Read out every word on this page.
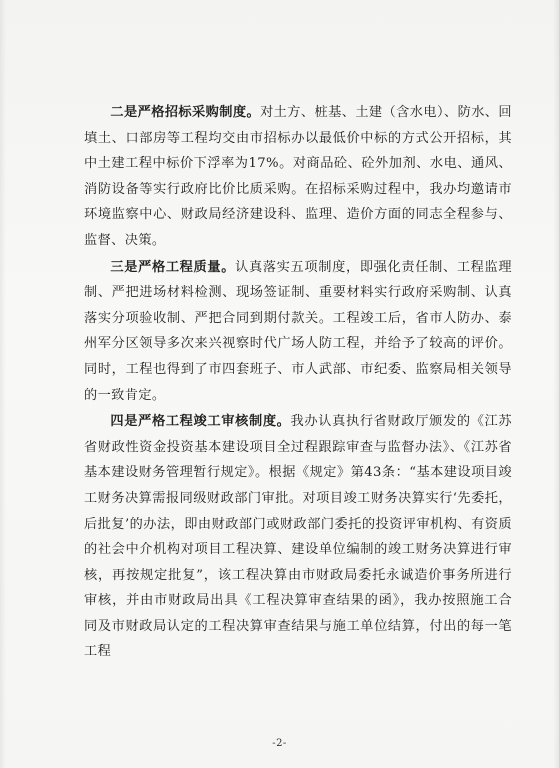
二是严格招标采购制度。对土方、桩基、土建（含水电）、防水、回填土、口部房等工程均交由市招标办以最低价中标的方式公开招标，其中土建工程中标价下浮率为17%。对商品砼、砼外加剂、水电、通风、消防设备等实行政府比价比质采购。在招标采购过程中，我办均邀请市环境监察中心、财政局经济建设科、监理、造价方面的同志全程参与、监督、决策。

三是严格工程质量。认真落实五项制度，即强化责任制、工程监理制、严把进场材料检测、现场签证制、重要材料实行政府采购制、认真落实分项验收制、严把合同到期付款关。工程竣工后，省市人防办、泰州军分区领导多次来兴视察时代广场人防工程，并给予了较高的评价。同时，工程也得到了市四套班子、市人武部、市纪委、监察局相关领导的一致肯定。

四是严格工程竣工审核制度。我办认真执行省财政厅颁发的《江苏省财政性资金投资基本建设项目全过程跟踪审查与监督办法》、《江苏省基本建设财务管理暂行规定》。根据《规定》第43条：“基本建设项目竣工财务决算需报同级财政部门审批。对项目竣工财务决算实行‘先委托，后批复’的办法，即由财政部门或财政部门委托的投资评审机构、有资质的社会中介机构对项目工程决算、建设单位编制的竣工财务决算进行审核，再按规定批复”，该工程决算由市财政局委托永诚造价事务所进行审核，并由市财政局出具《工程决算审查结果的函》，我办按照施工合同及市财政局认定的工程决算审查结果与施工单位结算，付出的每一笔工程

-2-
